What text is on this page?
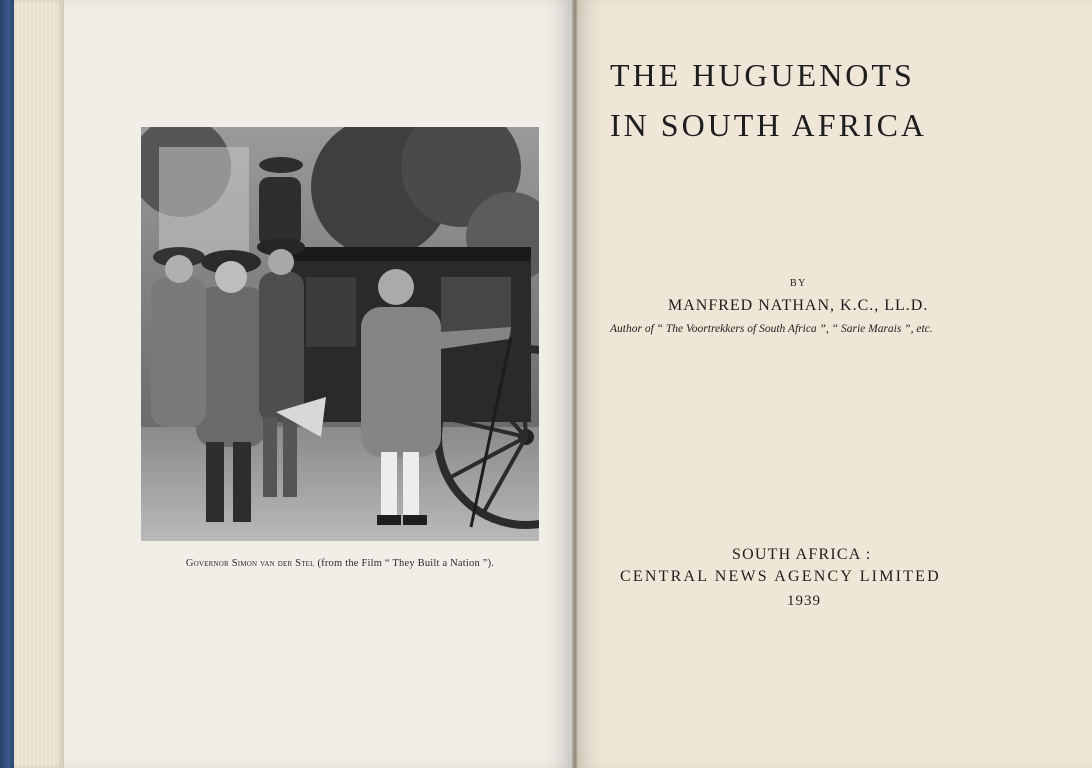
Governor Simon van der Stel (from the Film “ They Built a Nation ”).
THE HUGUENOTS
IN SOUTH AFRICA
BY
MANFRED NATHAN, K.C., LL.D.
Author of “ The Voortrekkers of South Africa ”, “ Sarie Marais ”, etc.
SOUTH AFRICA :
CENTRAL NEWS AGENCY LIMITED
1939
